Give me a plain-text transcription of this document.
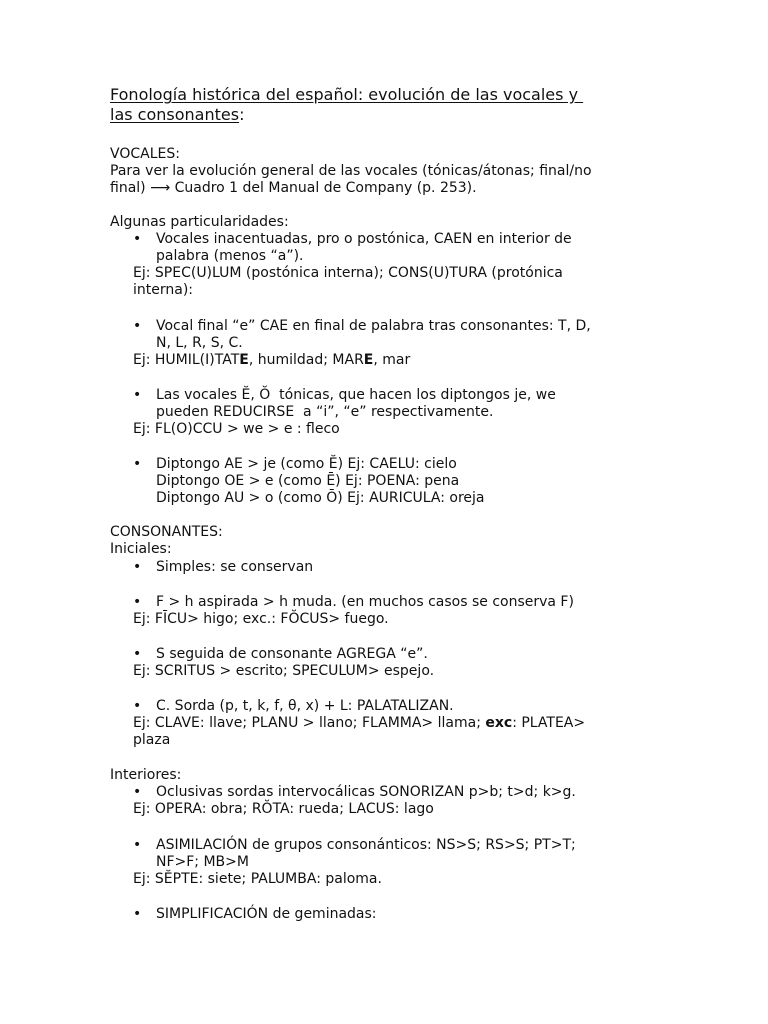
Fonología histórica del español: evolución de las vocales y
las consonantes:
VOCALES:
Para ver la evolución general de las vocales (tónicas/átonas; final/no
final) ⟶ Cuadro 1 del Manual de Company (p. 253).
Algunas particularidades:
• Vocales inacentuadas, pro o postónica, CAEN en interior de
palabra (menos “a”).
Ej: SPEC(U)LUM (postónica interna); CONS(U)TURA (protónica
interna):
• Vocal final “e” CAE en final de palabra tras consonantes: T, D,
N, L, R, S, C.
Ej: HUMIL(I)TATE, humildad; MARE, mar
• Las vocales Ĕ, Ŏ  tónicas, que hacen los diptongos je, we
pueden REDUCIRSE  a “i”, “e” respectivamente.
Ej: FL(O)CCU > we > e : fleco
• Diptongo AE > je (como Ĕ) Ej: CAELU: cielo
Diptongo OE > e (como Ē) Ej: POENA: pena
Diptongo AU > o (como Ō) Ej: AURICULA: oreja
CONSONANTES:
Iniciales:
• Simples: se conservan
• F > h aspirada > h muda. (en muchos casos se conserva F)
Ej: FĪCU> higo; exc.: FŎCUS> fuego.
• S seguida de consonante AGREGA “e”.
Ej: SCRITUS > escrito; SPECULUM> espejo.
• C. Sorda (p, t, k, f, θ, x) + L: PALATALIZAN.
Ej: CLAVE: llave; PLANU > llano; FLAMMA> llama; exc: PLATEA>
plaza
Interiores:
• Oclusivas sordas intervocálicas SONORIZAN p>b; t>d; k>g.
Ej: OPERA: obra; RŎTA: rueda; LACUS: lago
• ASIMILACIÓN de grupos consonánticos: NS>S; RS>S; PT>T;
NF>F; MB>M
Ej: SĔPTE: siete; PALUMBA: paloma.
• SIMPLIFICACIÓN de geminadas:
